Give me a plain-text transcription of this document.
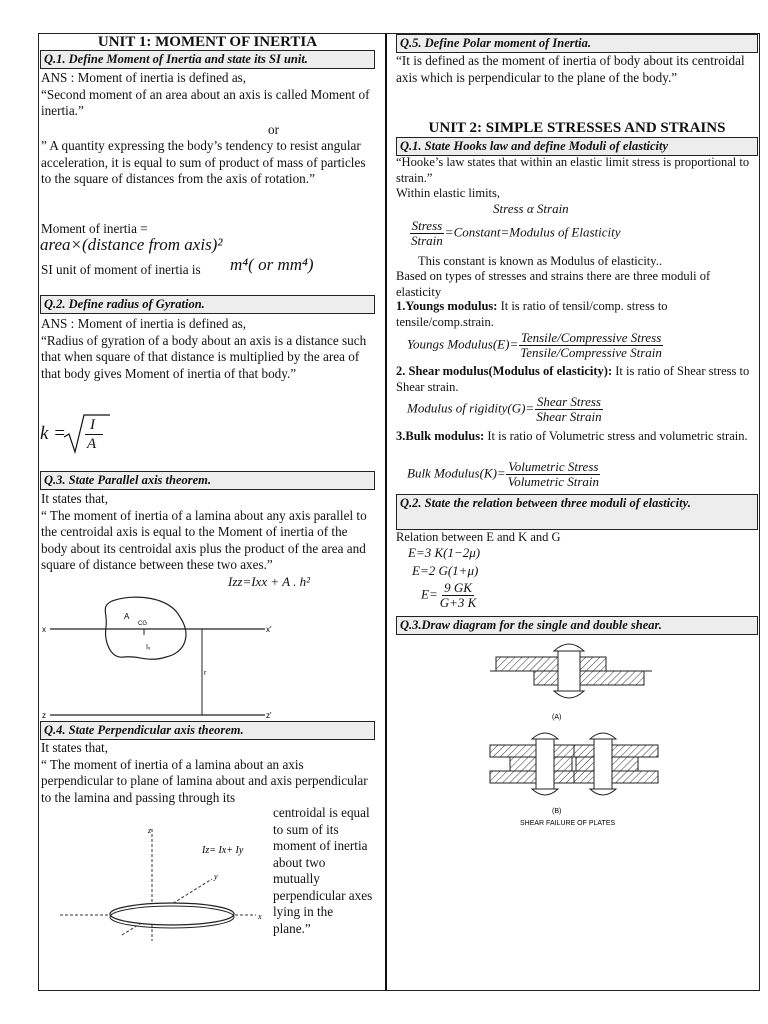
UNIT 1: MOMENT OF INERTIA
Q.1. Define Moment of Inertia and state its SI unit.
ANS : Moment of inertia is defined as,
“Second moment of an area about an axis is called Moment of inertia.”
or
” A quantity expressing the body’s tendency to resist angular acceleration, it is equal to sum of product of mass of particles to the square of distances from the axis of rotation.”
Moment of inertia =
area×(distance from axis)²
SI unit of moment of inertia is m⁴( or mm⁴)
Q.2. Define radius of Gyration.
ANS : Moment of inertia is defined as,
“Radius of gyration of a body about an axis is a distance such that when square of that distance is multiplied by the area of that body gives Moment of inertia of that body.”
k = I
A
Q.3. State Parallel axis theorem.
It states that,
“ The moment of inertia of a lamina about any axis parallel to the centroidal axis is equal to the Moment of inertia of the body about its centroidal axis plus the product of the area and square of distance between these two axes.”
Izz=Ixx + A . h²
x	x'
z	z'
A
CG
Iₓ
r
Q.4. State Perpendicular axis theorem.
It states that,
“ The moment of inertia of a lamina about an axis perpendicular to plane of lamina about and axis perpendicular to the lamina and passing through its
centroidal is equal to sum of its moment of inertia about two mutually perpendicular axes lying in the plane.”
z
y
x
Iz= Ix+ Iy
Q.5. Define Polar moment of Inertia.
“It is defined as the moment of inertia of body about its centroidal axis which is perpendicular to the plane of the body.”
UNIT 2: SIMPLE STRESSES AND STRAINS
Q.1. State Hooks law and define Moduli of elasticity
“Hooke’s law states that within an elastic limit stress is proportional to strain.”
Within elastic limits,
Stress α Strain
$\frac{\text{Stress}}{\text{Strain}}$ =Constant=Modulus of Elasticity
This constant is known as Modulus of elasticity..
Based on types of stresses and strains there are three moduli of elasticity
1.Youngs modulus: It is ratio of tensil/comp. stress to tensile/comp.strain.
Youngs Modulus(E)= $\frac{\text{Tensile/Compressive Stress}}{\text{Tensile/Compressive Strain}}$
2. Shear modulus(Modulus of elasticity): It is ratio of Shear stress to Shear strain.
Modulus of rigidity(G)= $\frac{\text{Shear Stress}}{\text{Shear Strain}}$
3.Bulk modulus: It is ratio of Volumetric stress and volumetric strain.
Bulk Modulus(K)= $\frac{\text{Volumetric Stress}}{\text{Volumetric Strain}}$
Q.2. State the relation between three moduli of elasticity.
Relation between E and K and G
E=3 K(1−2μ)
E=2 G(1+μ)
$E= \frac{9 GK}{G+3 K}$
Q.3.Draw diagram for the single and double shear.
(A)
(B)
SHEAR FAILURE OF PLATES
